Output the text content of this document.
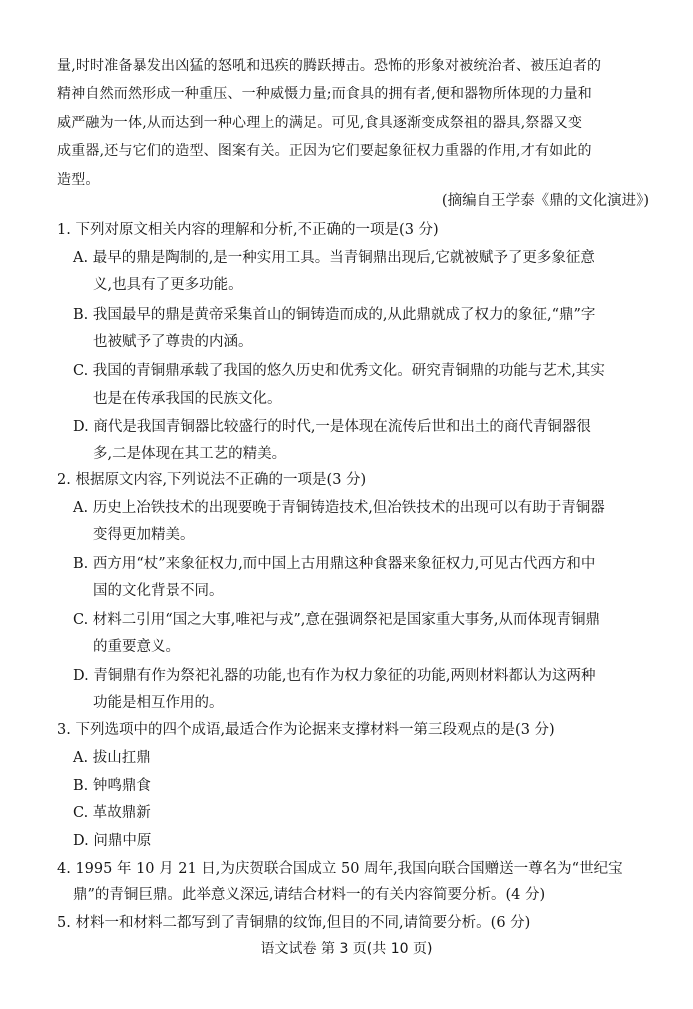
量,时时准备暴发出凶猛的怒吼和迅疾的腾跃搏击。恐怖的形象对被统治者、被压迫者的
精神自然而然形成一种重压、一种威慑力量;而食具的拥有者,便和器物所体现的力量和
威严融为一体,从而达到一种心理上的满足。可见,食具逐渐变成祭祖的器具,祭器又变
成重器,还与它们的造型、图案有关。正因为它们要起象征权力重器的作用,才有如此的
造型。
(摘编自王学泰《鼎的文化演进》)
1. 下列对原文相关内容的理解和分析,不正确的一项是(3 分)
A. 最早的鼎是陶制的,是一种实用工具。当青铜鼎出现后,它就被赋予了更多象征意
义,也具有了更多功能。
B. 我国最早的鼎是黄帝采集首山的铜铸造而成的,从此鼎就成了权力的象征,“鼎”字
也被赋予了尊贵的内涵。
C. 我国的青铜鼎承载了我国的悠久历史和优秀文化。研究青铜鼎的功能与艺术,其实
也是在传承我国的民族文化。
D. 商代是我国青铜器比较盛行的时代,一是体现在流传后世和出土的商代青铜器很
多,二是体现在其工艺的精美。
2. 根据原文内容,下列说法不正确的一项是(3 分)
A. 历史上冶铁技术的出现要晚于青铜铸造技术,但冶铁技术的出现可以有助于青铜器
变得更加精美。
B. 西方用“杖”来象征权力,而中国上古用鼎这种食器来象征权力,可见古代西方和中
国的文化背景不同。
C. 材料二引用“国之大事,唯祀与戎”,意在强调祭祀是国家重大事务,从而体现青铜鼎
的重要意义。
D. 青铜鼎有作为祭祀礼器的功能,也有作为权力象征的功能,两则材料都认为这两种
功能是相互作用的。
3. 下列选项中的四个成语,最适合作为论据来支撑材料一第三段观点的是(3 分)
A. 拔山扛鼎
B. 钟鸣鼎食
C. 革故鼎新
D. 问鼎中原
4. 1995 年 10 月 21 日,为庆贺联合国成立 50 周年,我国向联合国赠送一尊名为“世纪宝
鼎”的青铜巨鼎。此举意义深远,请结合材料一的有关内容简要分析。(4 分)
5. 材料一和材料二都写到了青铜鼎的纹饰,但目的不同,请简要分析。(6 分)
语文试卷 第 3 页(共 10 页)
